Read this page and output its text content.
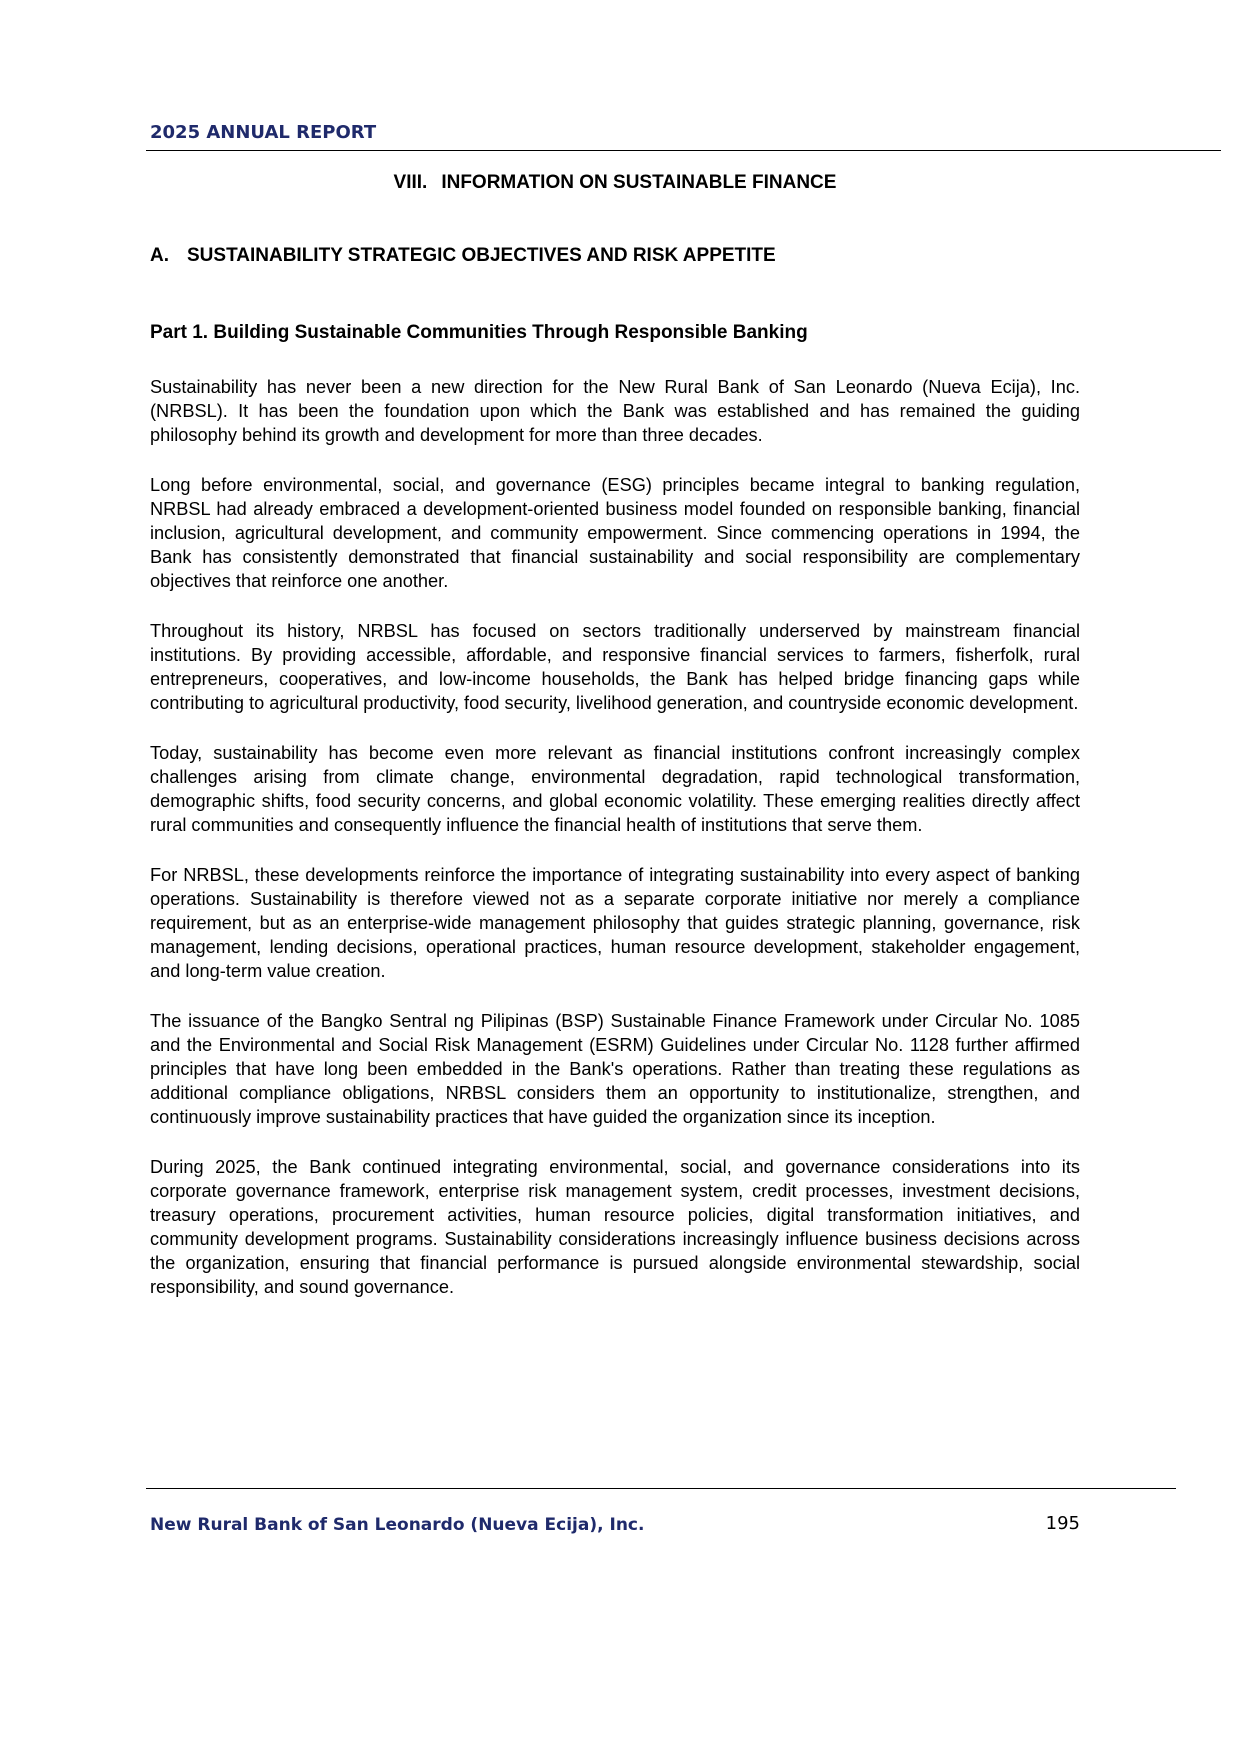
2025 ANNUAL REPORT
VIII. INFORMATION ON SUSTAINABLE FINANCE
A. SUSTAINABILITY STRATEGIC OBJECTIVES AND RISK APPETITE
Part 1. Building Sustainable Communities Through Responsible Banking

Sustainability has never been a new direction for the New Rural Bank of San Leonardo (Nueva Ecija), Inc. (NRBSL). It has been the foundation upon which the Bank was established and has remained the guiding philosophy behind its growth and development for more than three decades.

Long before environmental, social, and governance (ESG) principles became integral to banking regulation, NRBSL had already embraced a development-oriented business model founded on responsible banking, financial inclusion, agricultural development, and community empowerment. Since commencing operations in 1994, the Bank has consistently demonstrated that financial sustainability and social responsibility are complementary objectives that reinforce one another.

Throughout its history, NRBSL has focused on sectors traditionally underserved by mainstream financial institutions. By providing accessible, affordable, and responsive financial services to farmers, fisherfolk, rural entrepreneurs, cooperatives, and low-income households, the Bank has helped bridge financing gaps while contributing to agricultural productivity, food security, livelihood generation, and countryside economic development.

Today, sustainability has become even more relevant as financial institutions confront increasingly complex challenges arising from climate change, environmental degradation, rapid technological transformation, demographic shifts, food security concerns, and global economic volatility. These emerging realities directly affect rural communities and consequently influence the financial health of institutions that serve them.

For NRBSL, these developments reinforce the importance of integrating sustainability into every aspect of banking operations. Sustainability is therefore viewed not as a separate corporate initiative nor merely a compliance requirement, but as an enterprise-wide management philosophy that guides strategic planning, governance, risk management, lending decisions, operational practices, human resource development, stakeholder engagement, and long-term value creation.

The issuance of the Bangko Sentral ng Pilipinas (BSP) Sustainable Finance Framework under Circular No. 1085 and the Environmental and Social Risk Management (ESRM) Guidelines under Circular No. 1128 further affirmed principles that have long been embedded in the Bank's operations. Rather than treating these regulations as additional compliance obligations, NRBSL considers them an opportunity to institutionalize, strengthen, and continuously improve sustainability practices that have guided the organization since its inception.

During 2025, the Bank continued integrating environmental, social, and governance considerations into its corporate governance framework, enterprise risk management system, credit processes, investment decisions, treasury operations, procurement activities, human resource policies, digital transformation initiatives, and community development programs. Sustainability considerations increasingly influence business decisions across the organization, ensuring that financial performance is pursued alongside environmental stewardship, social responsibility, and sound governance.

New Rural Bank of San Leonardo (Nueva Ecija), Inc.	195
